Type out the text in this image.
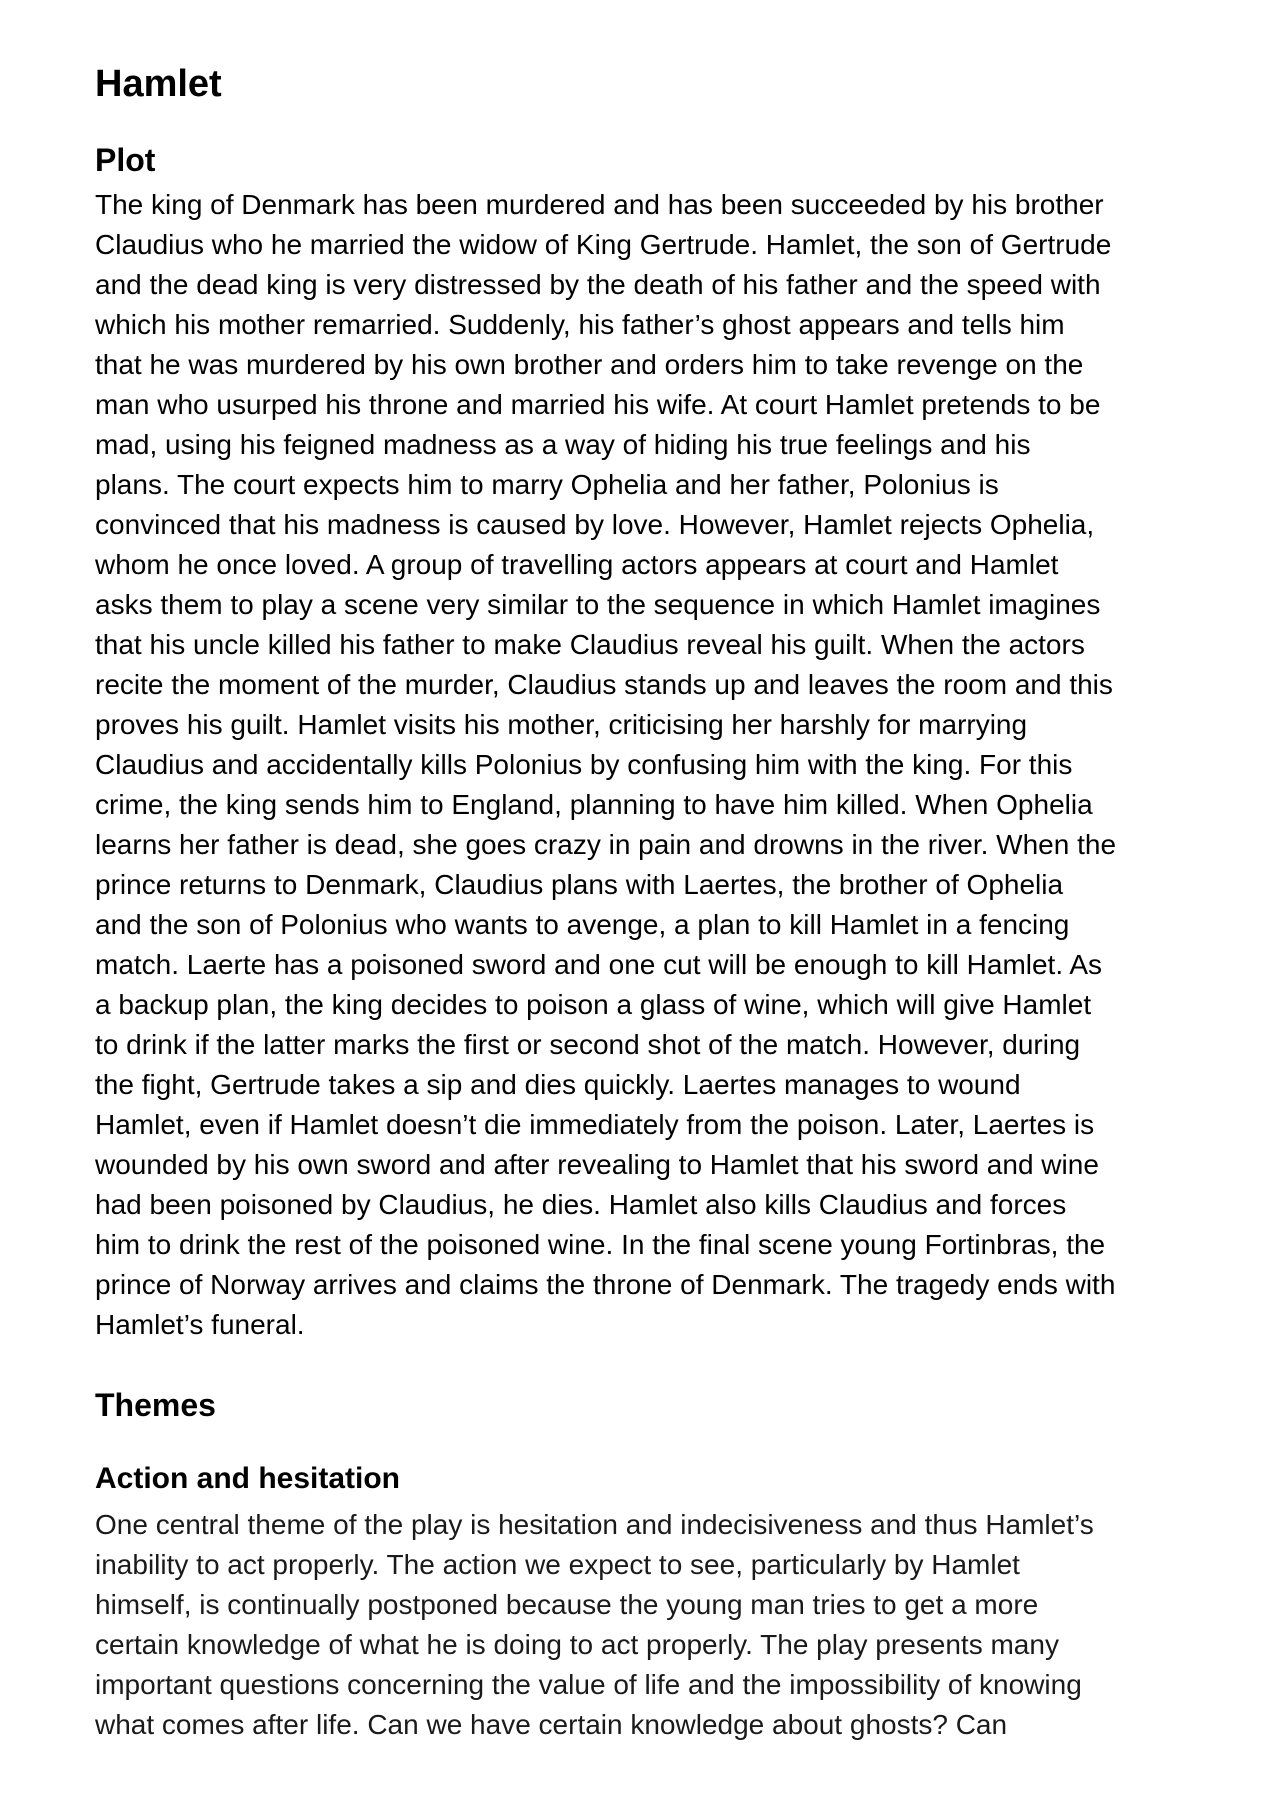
Hamlet
Plot
The king of Denmark has been murdered and has been succeeded by his brother
Claudius who he married the widow of King Gertrude. Hamlet, the son of Gertrude
and the dead king is very distressed by the death of his father and the speed with
which his mother remarried. Suddenly, his father’s ghost appears and tells him
that he was murdered by his own brother and orders him to take revenge on the
man who usurped his throne and married his wife. At court Hamlet pretends to be
mad, using his feigned madness as a way of hiding his true feelings and his
plans. The court expects him to marry Ophelia and her father, Polonius is
convinced that his madness is caused by love. However, Hamlet rejects Ophelia,
whom he once loved. A group of travelling actors appears at court and Hamlet
asks them to play a scene very similar to the sequence in which Hamlet imagines
that his uncle killed his father to make Claudius reveal his guilt. When the actors
recite the moment of the murder, Claudius stands up and leaves the room and this
proves his guilt. Hamlet visits his mother, criticising her harshly for marrying
Claudius and accidentally kills Polonius by confusing him with the king. For this
crime, the king sends him to England, planning to have him killed. When Ophelia
learns her father is dead, she goes crazy in pain and drowns in the river. When the
prince returns to Denmark, Claudius plans with Laertes, the brother of Ophelia
and the son of Polonius who wants to avenge, a plan to kill Hamlet in a fencing
match. Laerte has a poisoned sword and one cut will be enough to kill Hamlet. As
a backup plan, the king decides to poison a glass of wine, which will give Hamlet
to drink if the latter marks the first or second shot of the match. However, during
the fight, Gertrude takes a sip and dies quickly. Laertes manages to wound
Hamlet, even if Hamlet doesn’t die immediately from the poison. Later, Laertes is
wounded by his own sword and after revealing to Hamlet that his sword and wine
had been poisoned by Claudius, he dies. Hamlet also kills Claudius and forces
him to drink the rest of the poisoned wine. In the final scene young Fortinbras, the
prince of Norway arrives and claims the throne of Denmark. The tragedy ends with
Hamlet’s funeral.
Themes
Action and hesitation
One central theme of the play is hesitation and indecisiveness and thus Hamlet’s
inability to act properly. The action we expect to see, particularly by Hamlet
himself, is continually postponed because the young man tries to get a more
certain knowledge of what he is doing to act properly. The play presents many
important questions concerning the value of life and the impossibility of knowing
what comes after life. Can we have certain knowledge about ghosts? Can
